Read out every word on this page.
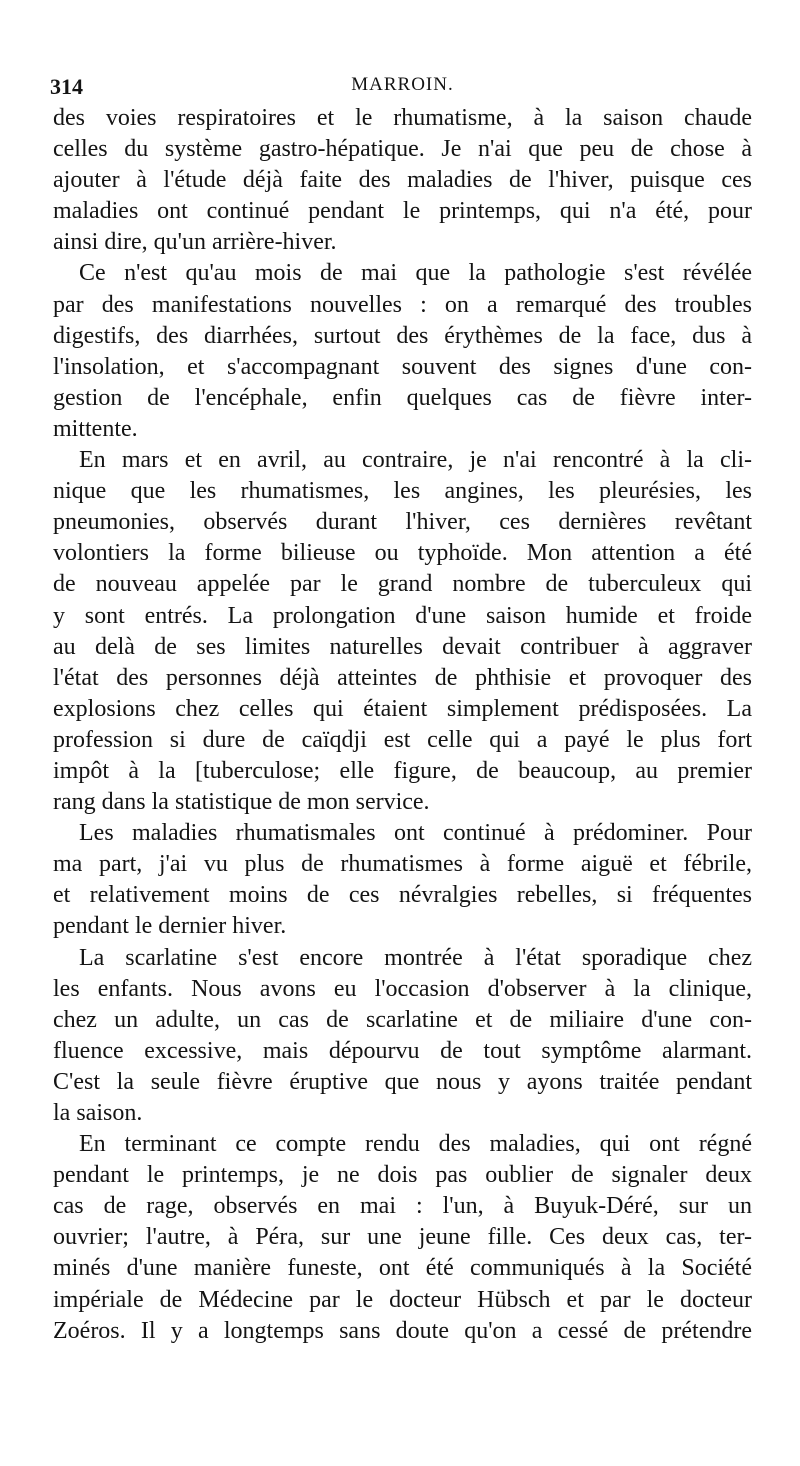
314	MARROIN.
des voies respiratoires et le rhumatisme, à la saison chaude
celles du système gastro-hépatique. Je n'ai que peu de chose à
ajouter à l'étude déjà faite des maladies de l'hiver, puisque ces
maladies ont continué pendant le printemps, qui n'a été, pour
ainsi dire, qu'un arrière-hiver.
Ce n'est qu'au mois de mai que la pathologie s'est révélée
par des manifestations nouvelles : on a remarqué des troubles
digestifs, des diarrhées, surtout des érythèmes de la face, dus à
l'insolation, et s'accompagnant souvent des signes d'une con-
gestion de l'encéphale, enfin quelques cas de fièvre inter-
mittente.
En mars et en avril, au contraire, je n'ai rencontré à la cli-
nique que les rhumatismes, les angines, les pleurésies, les
pneumonies, observés durant l'hiver, ces dernières revêtant
volontiers la forme bilieuse ou typhoïde. Mon attention a été
de nouveau appelée par le grand nombre de tuberculeux qui
y sont entrés. La prolongation d'une saison humide et froide
au delà de ses limites naturelles devait contribuer à aggraver
l'état des personnes déjà atteintes de phthisie et provoquer des
explosions chez celles qui étaient simplement prédisposées. La
profession si dure de caïqdji est celle qui a payé le plus fort
impôt à la [tuberculose; elle figure, de beaucoup, au premier
rang dans la statistique de mon service.
Les maladies rhumatismales ont continué à prédominer. Pour
ma part, j'ai vu plus de rhumatismes à forme aiguë et fébrile,
et relativement moins de ces névralgies rebelles, si fréquentes
pendant le dernier hiver.
La scarlatine s'est encore montrée à l'état sporadique chez
les enfants. Nous avons eu l'occasion d'observer à la clinique,
chez un adulte, un cas de scarlatine et de miliaire d'une con-
fluence excessive, mais dépourvu de tout symptôme alarmant.
C'est la seule fièvre éruptive que nous y ayons traitée pendant
la saison.
En terminant ce compte rendu des maladies, qui ont régné
pendant le printemps, je ne dois pas oublier de signaler deux
cas de rage, observés en mai : l'un, à Buyuk-Déré, sur un
ouvrier; l'autre, à Péra, sur une jeune fille. Ces deux cas, ter-
minés d'une manière funeste, ont été communiqués à la Société
impériale de Médecine par le docteur Hübsch et par le docteur
Zoéros. Il y a longtemps sans doute qu'on a cessé de prétendre
